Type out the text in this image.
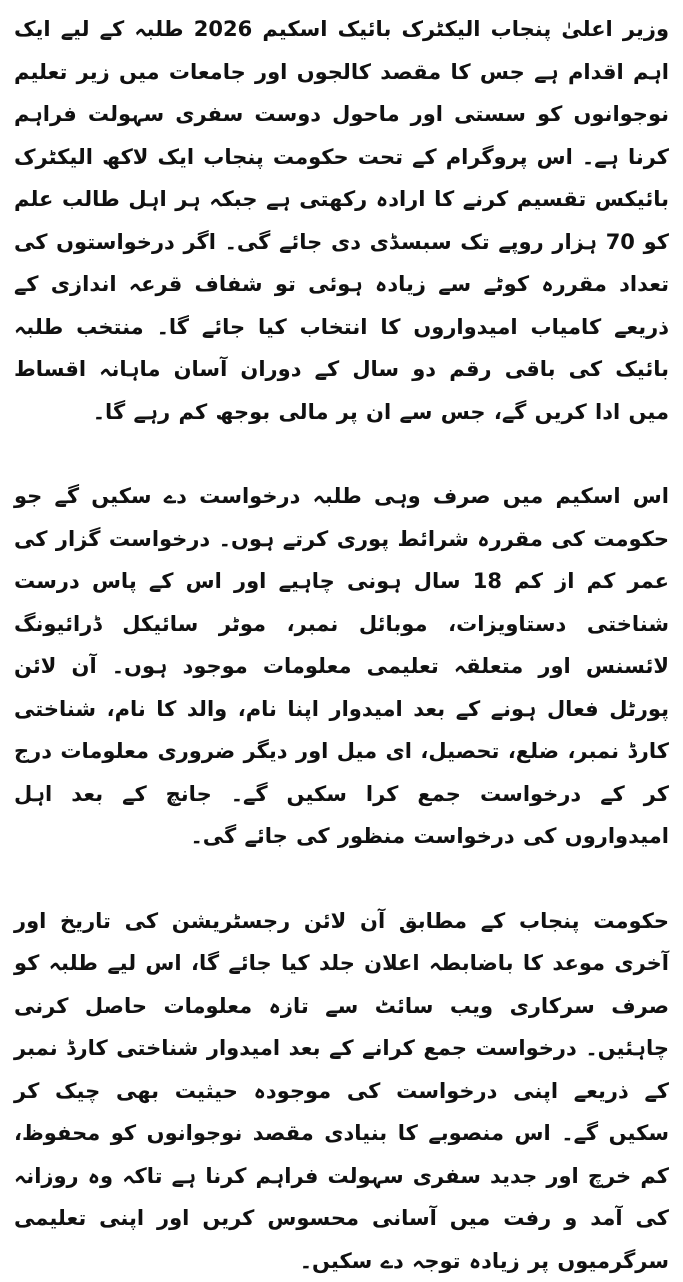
وزیر اعلیٰ پنجاب الیکٹرک بائیک اسکیم 2026 طلبہ کے لیے ایک اہم اقدام ہے جس کا مقصد کالجوں اور جامعات میں زیر تعلیم نوجوانوں کو سستی اور ماحول دوست سفری سہولت فراہم کرنا ہے۔ اس پروگرام کے تحت حکومت پنجاب ایک لاکھ الیکٹرک بائیکس تقسیم کرنے کا ارادہ رکھتی ہے جبکہ ہر اہل طالب علم کو 70 ہزار روپے تک سبسڈی دی جائے گی۔ اگر درخواستوں کی تعداد مقررہ کوٹے سے زیادہ ہوئی تو شفاف قرعہ اندازی کے ذریعے کامیاب امیدواروں کا انتخاب کیا جائے گا۔ منتخب طلبہ بائیک کی باقی رقم دو سال کے دوران آسان ماہانہ اقساط میں ادا کریں گے، جس سے ان پر مالی بوجھ کم رہے گا۔

اس اسکیم میں صرف وہی طلبہ درخواست دے سکیں گے جو حکومت کی مقررہ شرائط پوری کرتے ہوں۔ درخواست گزار کی عمر کم از کم 18 سال ہونی چاہیے اور اس کے پاس درست شناختی دستاویزات، موبائل نمبر، موٹر سائیکل ڈرائیونگ لائسنس اور متعلقہ تعلیمی معلومات موجود ہوں۔ آن لائن پورٹل فعال ہونے کے بعد امیدوار اپنا نام، والد کا نام، شناختی کارڈ نمبر، ضلع، تحصیل، ای میل اور دیگر ضروری معلومات درج کر کے درخواست جمع کرا سکیں گے۔ جانچ کے بعد اہل امیدواروں کی درخواست منظور کی جائے گی۔

حکومت پنجاب کے مطابق آن لائن رجسٹریشن کی تاریخ اور آخری موعد کا باضابطہ اعلان جلد کیا جائے گا، اس لیے طلبہ کو صرف سرکاری ویب سائٹ سے تازہ معلومات حاصل کرنی چاہئیں۔ درخواست جمع کرانے کے بعد امیدوار شناختی کارڈ نمبر کے ذریعے اپنی درخواست کی موجودہ حیثیت بھی چیک کر سکیں گے۔ اس منصوبے کا بنیادی مقصد نوجوانوں کو محفوظ، کم خرچ اور جدید سفری سہولت فراہم کرنا ہے تاکہ وہ روزانہ کی آمد و رفت میں آسانی محسوس کریں اور اپنی تعلیمی سرگرمیوں پر زیادہ توجہ دے سکیں۔
